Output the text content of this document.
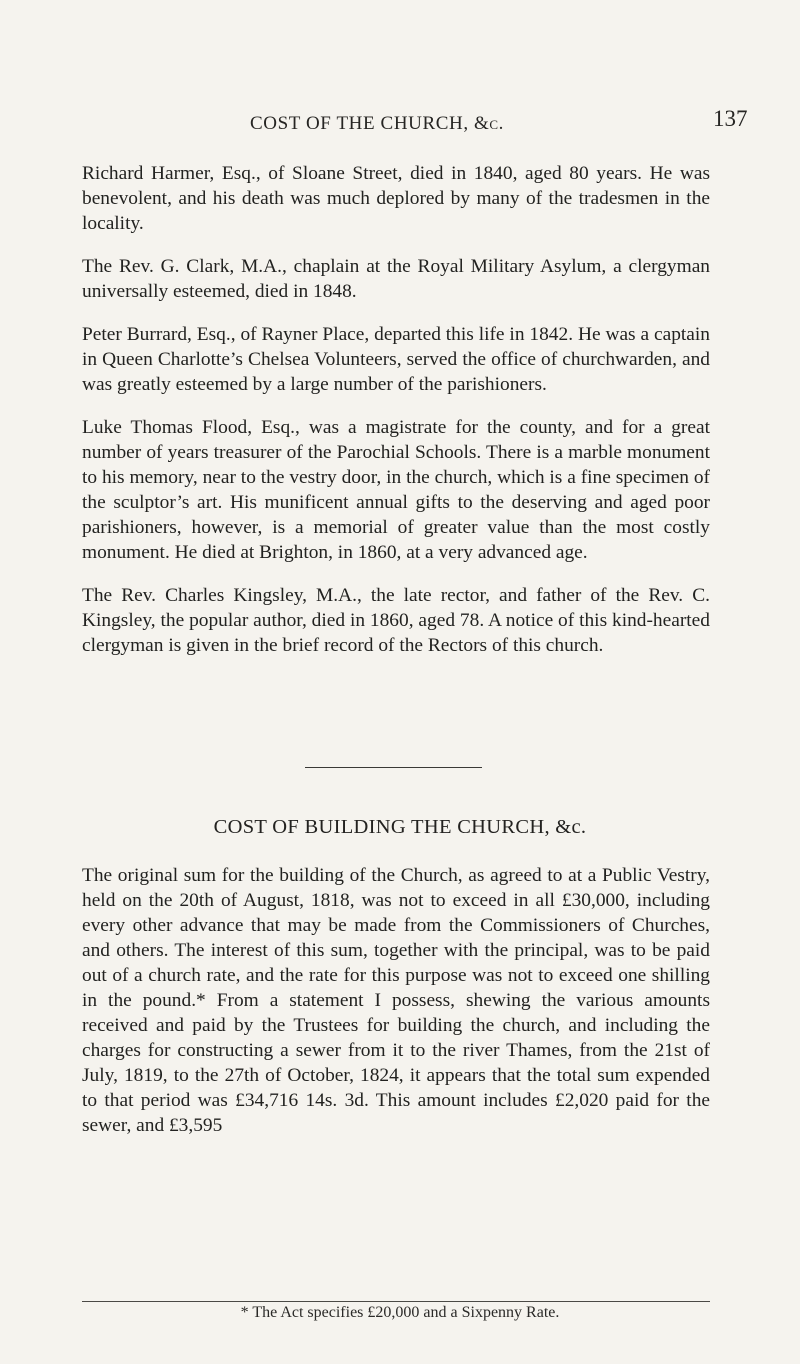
COST OF THE CHURCH, &c.	137

Richard Harmer, Esq., of Sloane Street, died in 1840, aged 80 years. He was benevolent, and his death was much deplored by many of the tradesmen in the locality.

The Rev. G. Clark, M.A., chaplain at the Royal Military Asylum, a clergyman universally esteemed, died in 1848.

Peter Burrard, Esq., of Rayner Place, departed this life in 1842. He was a captain in Queen Charlotte’s Chelsea Volunteers, served the office of churchwarden, and was greatly esteemed by a large number of the parishioners.

Luke Thomas Flood, Esq., was a magistrate for the county, and for a great number of years treasurer of the Parochial Schools. There is a marble monument to his memory, near to the vestry door, in the church, which is a fine specimen of the sculptor’s art. His munificent annual gifts to the deserving and aged poor parishioners, however, is a memorial of greater value than the most costly monument. He died at Brighton, in 1860, at a very advanced age.

The Rev. Charles Kingsley, M.A., the late rector, and father of the Rev. C. Kingsley, the popular author, died in 1860, aged 78. A notice of this kind-hearted clergyman is given in the brief record of the Rectors of this church.

COST OF BUILDING THE CHURCH, &c.

The original sum for the building of the Church, as agreed to at a Public Vestry, held on the 20th of August, 1818, was not to exceed in all £30,000, including every other advance that may be made from the Commissioners of Churches, and others. The interest of this sum, together with the principal, was to be paid out of a church rate, and the rate for this purpose was not to exceed one shilling in the pound.* From a statement I possess, shewing the various amounts received and paid by the Trustees for building the church, and including the charges for constructing a sewer from it to the river Thames, from the 21st of July, 1819, to the 27th of October, 1824, it appears that the total sum expended to that period was £34,716 14s. 3d. This amount includes £2,020 paid for the sewer, and £3,595

* The Act specifies £20,000 and a Sixpenny Rate.
